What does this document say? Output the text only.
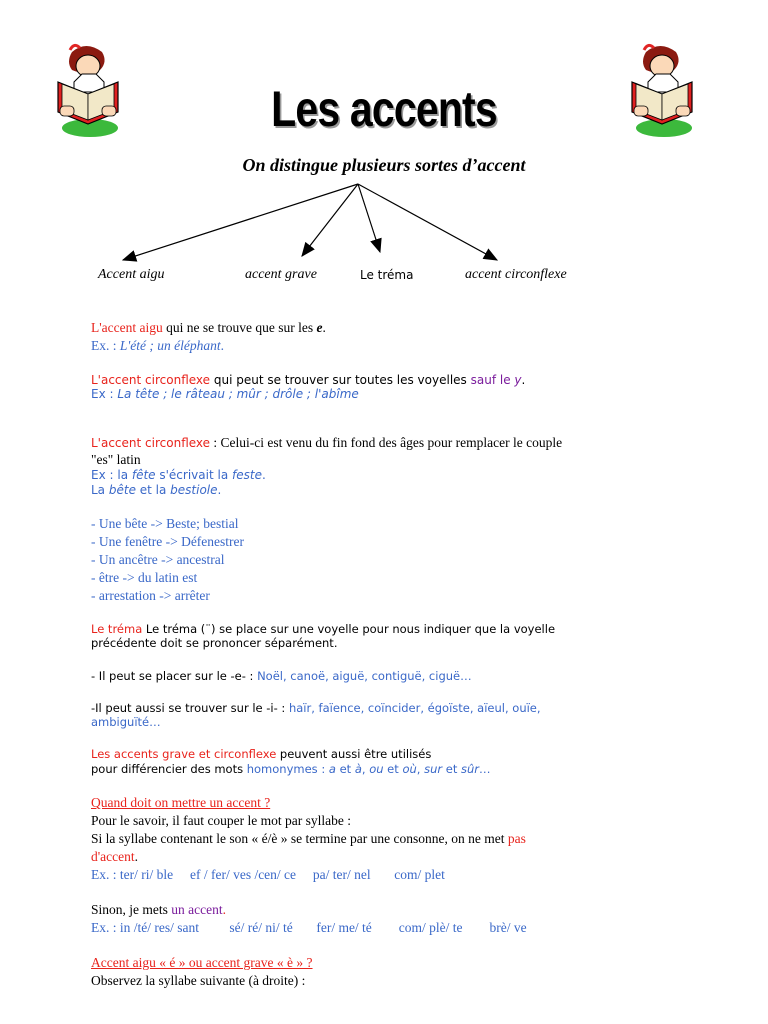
Les accents
On distingue plusieurs sortes d’accent
Accent aigu	accent grave	Le tréma	accent circonflexe
L'accent aigu qui ne se trouve que sur les e.
Ex. : L'été ; un éléphant.
L'accent circonflexe qui peut se trouver sur toutes les voyelles sauf le y.
Ex : La tête ; le râteau ; mûr ; drôle ; l'abîme
L'accent circonflexe : Celui-ci est venu du fin fond des âges pour remplacer le couple
"es" latin
Ex : la fête s'écrivait la feste.
La bête et la bestiole.
- Une bête -> Beste; bestial
- Une fenêtre -> Défenestrer
- Un ancêtre -> ancestral
- être -> du latin est
- arrestation -> arrêter
Le tréma Le tréma (¨) se place sur une voyelle pour nous indiquer que la voyelle
précédente doit se prononcer séparément.
- Il peut se placer sur le -e- : Noël, canoë, aiguë, contiguë, ciguë…
-Il peut aussi se trouver sur le -i- : haïr, faïence, coïncider, égoïste, aïeul, ouïe,
ambiguïté…
Les accents grave et circonflexe peuvent aussi être utilisés
pour différencier des mots homonymes : a et à, ou et où, sur et sûr…
Quand doit on mettre un accent ?
Pour le savoir, il faut couper le mot par syllabe :
Si la syllabe contenant le son « é/è » se termine par une consonne, on ne met pas
d'accent.
Ex. : ter/ ri/ ble     ef / fer/ ves /cen/ ce     pa/ ter/ nel       com/ plet
Sinon, je mets un accent.
Ex. : in /té/ res/ sant         sé/ ré/ ni/ té       fer/ me/ té        com/ plè/ te        brè/ ve
Accent aigu « é » ou accent grave « è » ?
Observez la syllabe suivante (à droite) :
